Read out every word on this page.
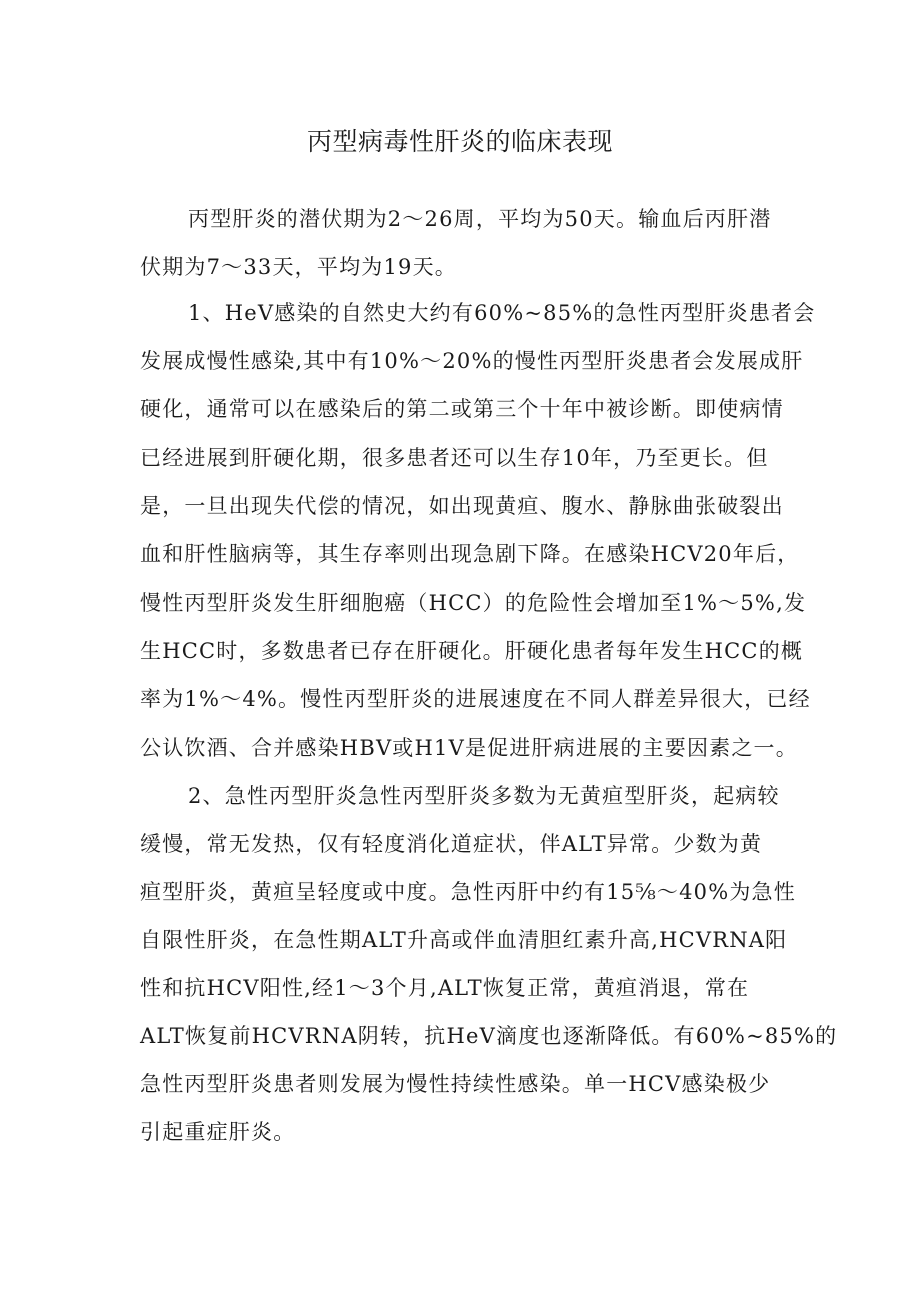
丙型病毒性肝炎的临床表现

丙型肝炎的潜伏期为2～26周，平均为50天。输血后丙肝潜

伏期为7～33天，平均为19天。

1、HeV感染的自然史大约有60%~85%的急性丙型肝炎患者会

发展成慢性感染,其中有10%～20%的慢性丙型肝炎患者会发展成肝

硬化，通常可以在感染后的第二或第三个十年中被诊断。即使病情

已经进展到肝硬化期，很多患者还可以生存10年，乃至更长。但

是，一旦出现失代偿的情况，如出现黄疸、腹水、静脉曲张破裂出

血和肝性脑病等，其生存率则出现急剧下降。在感染HCV20年后，

慢性丙型肝炎发生肝细胞癌（HCC）的危险性会增加至1%～5%,发

生HCC时，多数患者已存在肝硬化。肝硬化患者每年发生HCC的概

率为1%～4%。慢性丙型肝炎的进展速度在不同人群差异很大，已经

公认饮酒、合并感染HBV或H1V是促进肝病进展的主要因素之一。

2、急性丙型肝炎急性丙型肝炎多数为无黄疸型肝炎，起病较

缓慢，常无发热，仅有轻度消化道症状，伴ALT异常。少数为黄

疸型肝炎，黄疸呈轻度或中度。急性丙肝中约有15⅝～40%为急性

自限性肝炎，在急性期ALT升高或伴血清胆红素升高,HCVRNA阳

性和抗HCV阳性,经1～3个月,ALT恢复正常，黄疸消退，常在

ALT恢复前HCVRNA阴转，抗HeV滴度也逐渐降低。有60%~85%的

急性丙型肝炎患者则发展为慢性持续性感染。单一HCV感染极少

引起重症肝炎。
